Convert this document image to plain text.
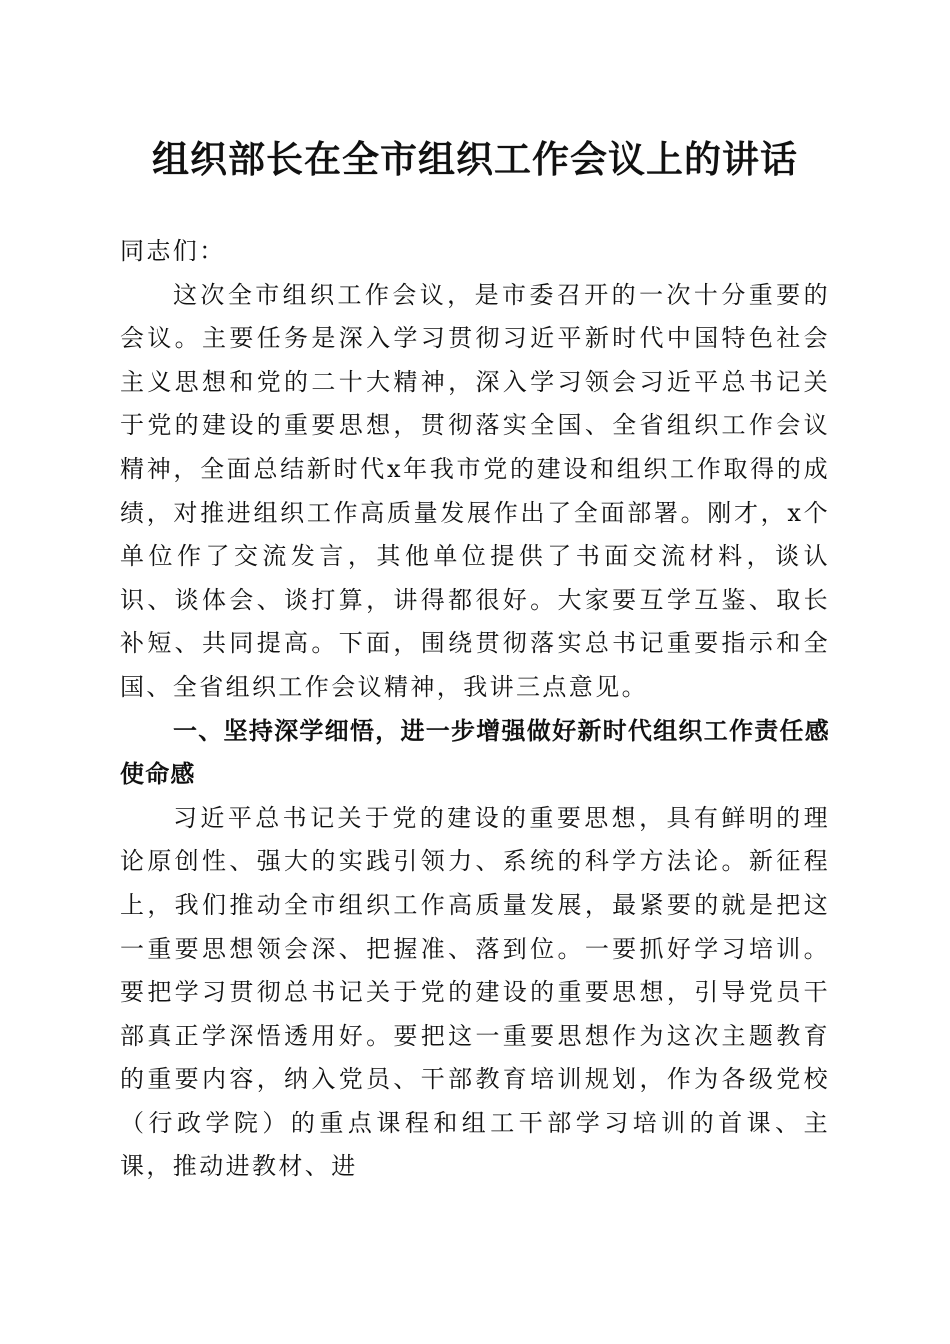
组织部长在全市组织工作会议上的讲话

同志们：

这次全市组织工作会议，是市委召开的一次十分重要的会议。主要任务是深入学习贯彻习近平新时代中国特色社会主义思想和党的二十大精神，深入学习领会习近平总书记关于党的建设的重要思想，贯彻落实全国、全省组织工作会议精神，全面总结新时代x年我市党的建设和组织工作取得的成绩，对推进组织工作高质量发展作出了全面部署。刚才，x个单位作了交流发言，其他单位提供了书面交流材料，谈认识、谈体会、谈打算，讲得都很好。大家要互学互鉴、取长补短、共同提高。下面，围绕贯彻落实总书记重要指示和全国、全省组织工作会议精神，我讲三点意见。

一、坚持深学细悟，进一步增强做好新时代组织工作责任感使命感

习近平总书记关于党的建设的重要思想，具有鲜明的理论原创性、强大的实践引领力、系统的科学方法论。新征程上，我们推动全市组织工作高质量发展，最紧要的就是把这一重要思想领会深、把握准、落到位。一要抓好学习培训。要把学习贯彻总书记关于党的建设的重要思想，引导党员干部真正学深悟透用好。要把这一重要思想作为这次主题教育的重要内容，纳入党员、干部教育培训规划，作为各级党校（行政学院）的重点课程和组工干部学习培训的首课、主课，推动进教材、进
